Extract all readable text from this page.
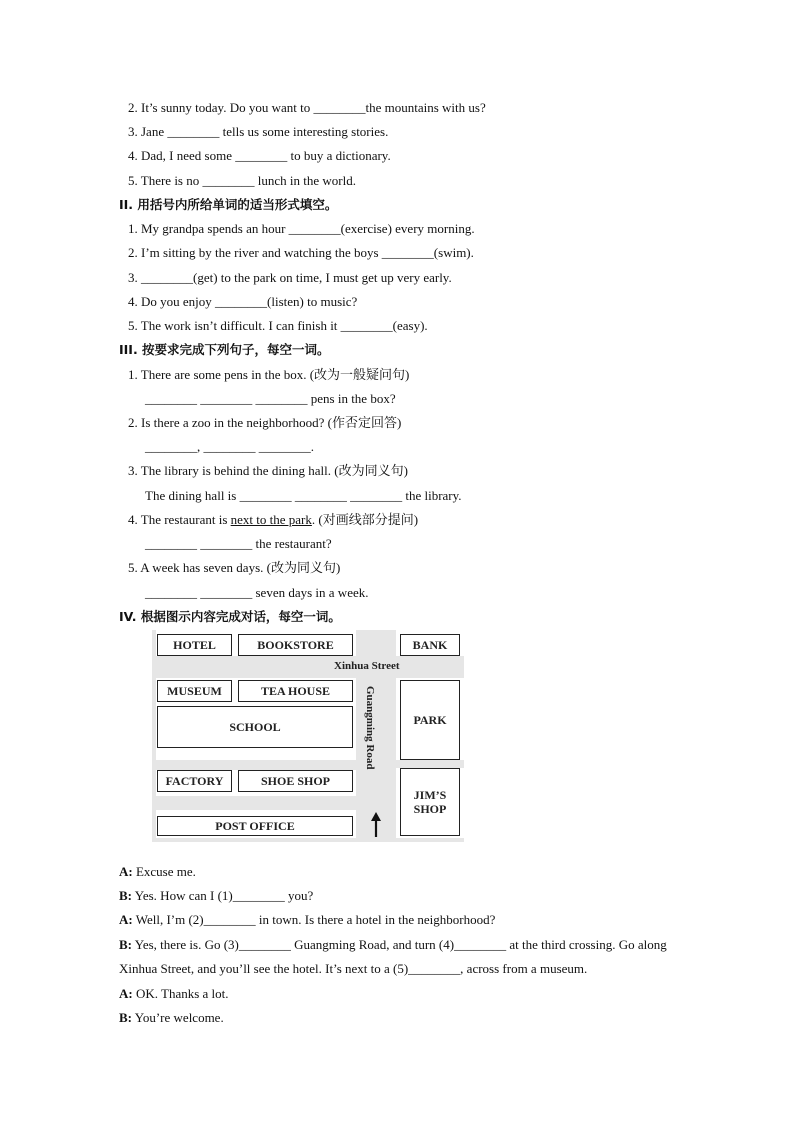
2. It’s sunny today. Do you want to ________the mountains with us?
3. Jane ________ tells us some interesting stories.
4. Dad, I need some ________ to buy a dictionary.
5. There is no ________ lunch in the world.
II. 用括号内所给单词的适当形式填空。
1. My grandpa spends an hour ________(exercise) every morning.
2. I’m sitting by the river and watching the boys ________(swim).
3. ________(get) to the park on time, I must get up very early.
4. Do you enjoy ________(listen) to music?
5. The work isn’t difficult. I can finish it ________(easy).
III. 按要求完成下列句子，每空一词。
1. There are some pens in the box. (改为一般疑问句)
________ ________ ________ pens in the box?
2. Is there a zoo in the neighborhood? (作否定回答)
________, ________ ________.
3. The library is behind the dining hall. (改为同义句)
The dining hall is ________ ________ ________ the library.
4. The restaurant is next to the park. (对画线部分提问)
________ ________ the restaurant?
5. A week has seven days. (改为同义句)
________ ________ seven days in a week.
IV. 根据图示内容完成对话，每空一词。
HOTEL	BOOKSTORE	BANK
Xinhua Street
MUSEUM	TEA HOUSE
SCHOOL	PARK
Guangming Road
FACTORY	SHOE SHOP
JIM’S
SHOP
POST OFFICE
A: Excuse me.
B: Yes. How can I (1)________ you?
A: Well, I’m (2)________ in town. Is there a hotel in the neighborhood?
B: Yes, there is. Go (3)________ Guangming Road, and turn (4)________ at the third crossing. Go along
Xinhua Street, and you’ll see the hotel. It’s next to a (5)________, across from a museum.
A: OK. Thanks a lot.
B: You’re welcome.
